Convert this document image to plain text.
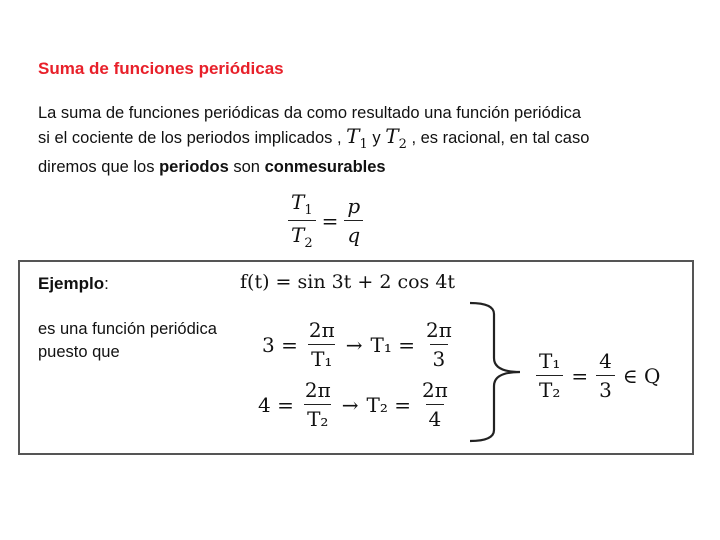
Suma de funciones periódicas
La suma de funciones periódicas da como resultado una función periódica
si el cociente de los periodos implicados , $T_1$ y $T_2$ , es racional, en tal caso
diremos que los periodos son conmesurables
$\frac{T_1}{T_2} = \frac{p}{q}$
Ejemplo:	f(t) = sin 3t + 2 cos 4t
es una función periódica
puesto que	$3 = \frac{2\pi}{\text{T₁}} \to T_1 = \frac{2\pi}{3}$
$4 = \frac{2\pi}{\text{T₂}} \to T_2 = \frac{2\pi}{4}$
$\frac{\text{T₁}}{\text{T₂}} = \frac{4}{3}$ ∈ Q
